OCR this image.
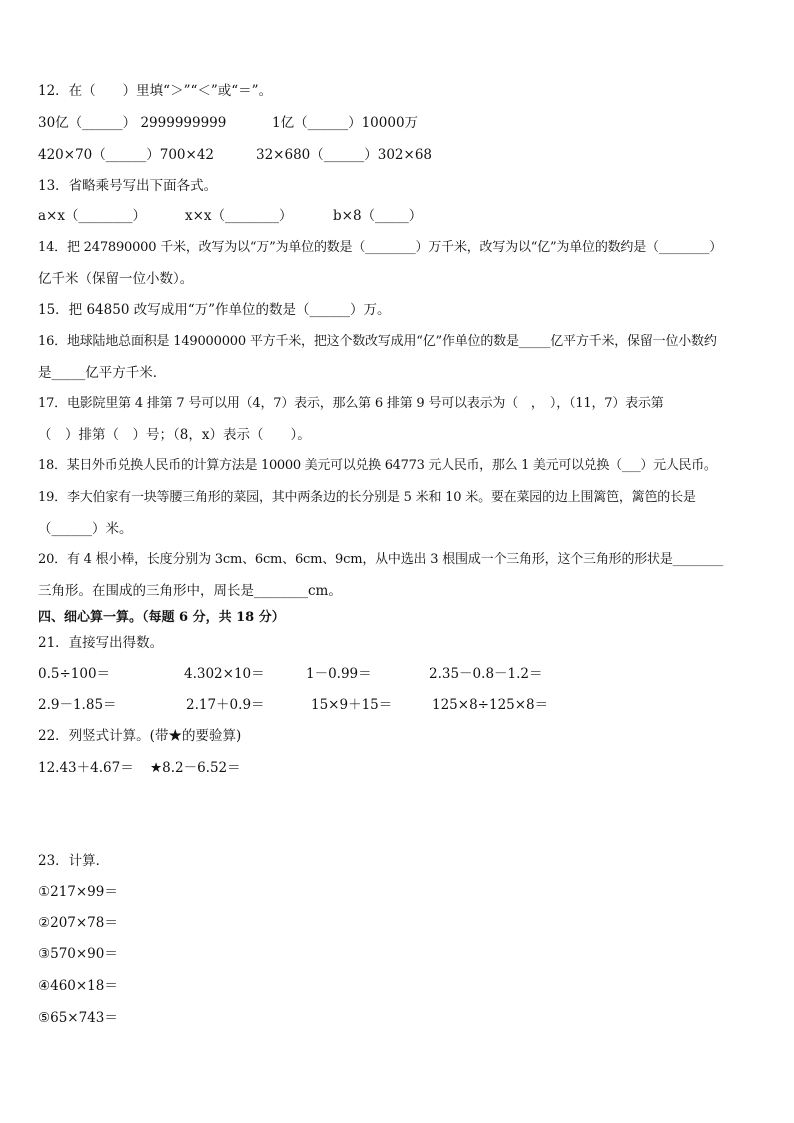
12．在（　　）里填“＞”“＜”或“＝”。
30亿（______） 2999999999	1亿（______）10000万
420×70（______）700×42	32×680（______）302×68
13．省略乘号写出下面各式。
a×x（________）	x×x（________）	b×8（_____）
14．把 247890000 千米，改写为以“万”为单位的数是（________）万千米，改写为以“亿”为单位的数约是（________）
亿千米（保留一位小数）。
15．把 64850 改写成用“万”作单位的数是（______）万。
16．地球陆地总面积是 149000000 平方千米，把这个数改写成用“亿”作单位的数是_____亿平方千米，保留一位小数约
是_____亿平方千米．
17．电影院里第 4 排第 7 号可以用（4，7）表示，那么第 6 排第 9 号可以表示为（　，　），（11，7）表示第
（　）排第（　）号；（8，x）表示（　　）。
18．某日外币兑换人民币的计算方法是 10000 美元可以兑换 64773 元人民币，那么 1 美元可以兑换（___）元人民币。
19．李大伯家有一块等腰三角形的菜园，其中两条边的长分别是 5 米和 10 米。要在菜园的边上围篱笆，篱笆的长是
（______）米。
20．有 4 根小棒，长度分别为 3cm、6cm、6cm、9cm，从中选出 3 根围成一个三角形，这个三角形的形状是________
三角形。在围成的三角形中，周长是________cm。
四、细心算一算。（每题 6 分，共 18 分）
21．直接写出得数。
0.5÷100＝	4.302×10＝	1－0.99＝	2.35－0.8－1.2＝
2.9－1.85＝	2.17＋0.9＝	15×9＋15＝	125×8÷125×8＝
22．列竖式计算。(带★的要验算)
12.43＋4.67＝ ★8.2－6.52＝
23．计算．
①217×99＝
②207×78＝
③570×90＝
④460×18＝
⑤65×743＝
